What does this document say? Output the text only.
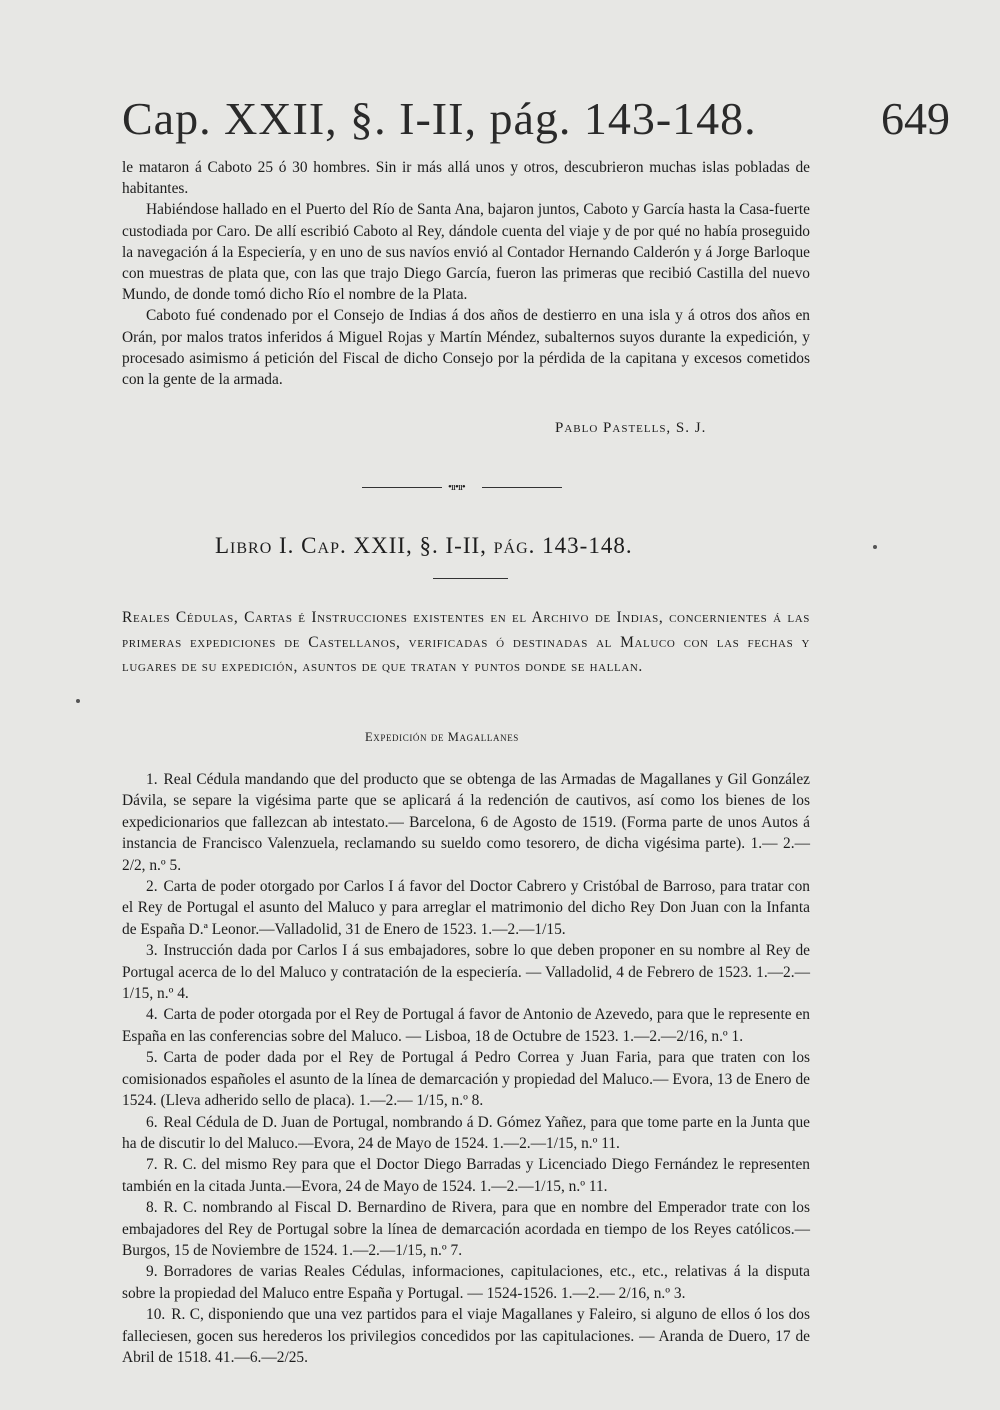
Cap. XXII, §. I-II, pág. 143-148.	649

le mataron á Caboto 25 ó 30 hombres. Sin ir más allá unos y otros, descubrieron muchas islas pobladas de habitantes.

Habiéndose hallado en el Puerto del Río de Santa Ana, bajaron juntos, Caboto y García hasta la Casa-fuerte custodiada por Caro. De allí escribió Caboto al Rey, dándole cuenta del viaje y de por qué no había proseguido la navegación á la Especiería, y en uno de sus navíos envió al Contador Hernando Calderón y á Jorge Barloque con muestras de plata que, con las que trajo Diego García, fueron las primeras que recibió Castilla del nuevo Mundo, de donde tomó dicho Río el nombre de la Plata.

Caboto fué condenado por el Consejo de Indias á dos años de destierro en una isla y á otros dos años en Orán, por malos tratos inferidos á Miguel Rojas y Martín Méndez, subalternos suyos durante la expedición, y procesado asimismo á petición del Fiscal de dicho Consejo por la pérdida de la capitana y excesos cometidos con la gente de la armada.

Pablo Pastells, S. J.
•ıı•ıı•
Libro I. Cap. XXII, §. I-II, pág. 143-148.
Reales Cédulas, Cartas é Instrucciones existentes en el Archivo de Indias, concernientes á las primeras expediciones de Castellanos, verificadas ó destinadas al Maluco con las fechas y lugares de su expedición, asuntos de que tratan y puntos donde se hallan.
Expedición de Magallanes

1. Real Cédula mandando que del producto que se obtenga de las Armadas de Magallanes y Gil González Dávila, se separe la vigésima parte que se aplicará á la redención de cautivos, así como los bienes de los expedicionarios que fallezcan ab intestato.— Barcelona, 6 de Agosto de 1519. (Forma parte de unos Autos á instancia de Francisco Valenzuela, reclamando su sueldo como tesorero, de dicha vigésima parte). 1.— 2.— 2/2, n.º 5.

2. Carta de poder otorgado por Carlos I á favor del Doctor Cabrero y Cristóbal de Barroso, para tratar con el Rey de Portugal el asunto del Maluco y para arreglar el matrimonio del dicho Rey Don Juan con la Infanta de España D.ª Leonor.—Valladolid, 31 de Enero de 1523. 1.—2.—1/15.

3. Instrucción dada por Carlos I á sus embajadores, sobre lo que deben proponer en su nombre al Rey de Portugal acerca de lo del Maluco y contratación de la especiería. — Valladolid, 4 de Febrero de 1523. 1.—2.— 1/15, n.º 4.

4. Carta de poder otorgada por el Rey de Portugal á favor de Antonio de Azevedo, para que le represente en España en las conferencias sobre del Maluco. — Lisboa, 18 de Octubre de 1523. 1.—2.—2/16, n.º 1.

5. Carta de poder dada por el Rey de Portugal á Pedro Correa y Juan Faria, para que traten con los comisionados españoles el asunto de la línea de demarcación y propiedad del Maluco.— Evora, 13 de Enero de 1524. (Lleva adherido sello de placa). 1.—2.— 1/15, n.º 8.

6. Real Cédula de D. Juan de Portugal, nombrando á D. Gómez Yañez, para que tome parte en la Junta que ha de discutir lo del Maluco.—Evora, 24 de Mayo de 1524. 1.—2.—1/15, n.º 11.

7. R. C. del mismo Rey para que el Doctor Diego Barradas y Licenciado Diego Fernández le representen también en la citada Junta.—Evora, 24 de Mayo de 1524. 1.—2.—1/15, n.º 11.

8. R. C. nombrando al Fiscal D. Bernardino de Rivera, para que en nombre del Emperador trate con los embajadores del Rey de Portugal sobre la línea de demarcación acordada en tiempo de los Reyes católicos.— Burgos, 15 de Noviembre de 1524. 1.—2.—1/15, n.º 7.

9. Borradores de varias Reales Cédulas, informaciones, capitulaciones, etc., etc., relativas á la disputa sobre la propiedad del Maluco entre España y Portugal. — 1524-1526. 1.—2.— 2/16, n.º 3.

10. R. C, disponiendo que una vez partidos para el viaje Magallanes y Faleiro, si alguno de ellos ó los dos falleciesen, gocen sus herederos los privilegios concedidos por las capitulaciones. — Aranda de Duero, 17 de Abril de 1518. 41.—6.—2/25.
